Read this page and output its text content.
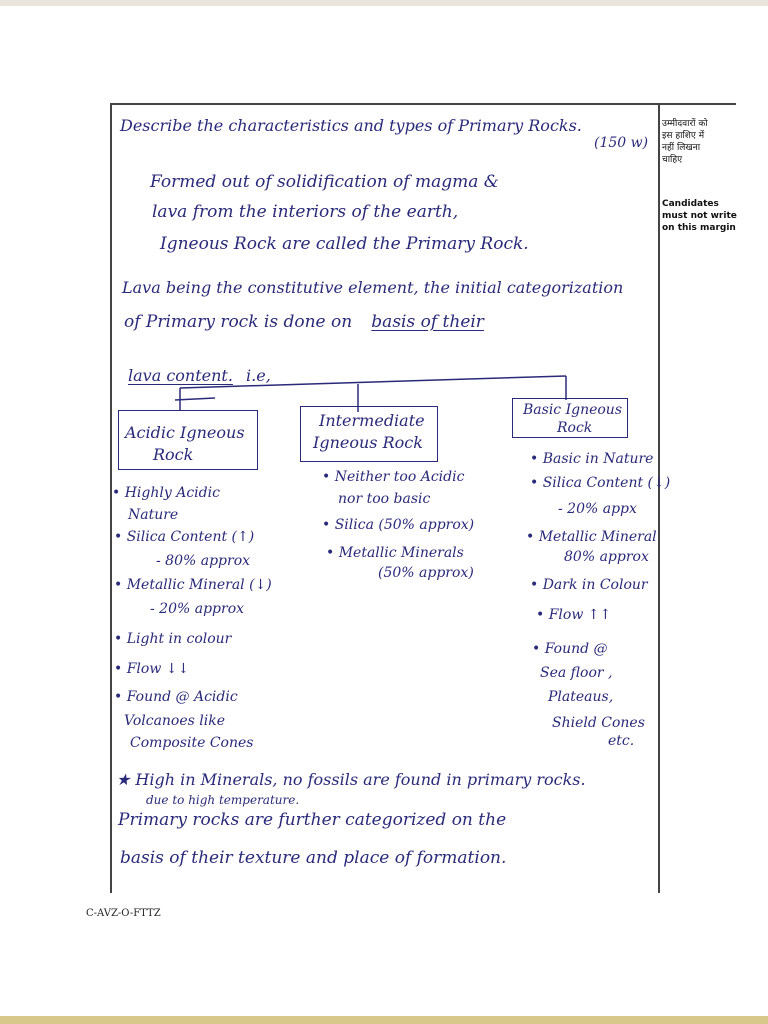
उम्मीदवारों को
इस हाशिए में
नहीं लिखना
चाहिए
Candidates
must not write
on this margin
Describe the characteristics and types of Primary Rocks.
(150 w)
Formed out of solidification of magma &
lava from the interiors of the earth,
Igneous Rock are called the Primary Rock.
Lava being the constitutive element, the initial categorization
of Primary rock is done on basis of their
lava content. i.e,
Acidic Igneous
Rock
Intermediate
Igneous Rock
Basic Igneous
Rock
• Highly Acidic
Nature
• Silica Content (↑)
- 80% approx
• Metallic Mineral (↓)
- 20% approx
• Light in colour
• Flow ↓↓
• Found @ Acidic
Volcanoes like
Composite Cones
• Neither too Acidic
nor too basic
• Silica (50% approx)
• Metallic Minerals
(50% approx)
• Basic in Nature
• Silica Content (↓)
- 20% appx
• Metallic Mineral
80% approx
• Dark in Colour
• Flow ↑↑
• Found @
Sea floor ,
Plateaus,
Shield Cones
etc.
★ High in Minerals, no fossils are found in primary rocks.
due to high temperature.
Primary rocks are further categorized on the
basis of their texture and place of formation.
C-AVZ-O-FTTZ
